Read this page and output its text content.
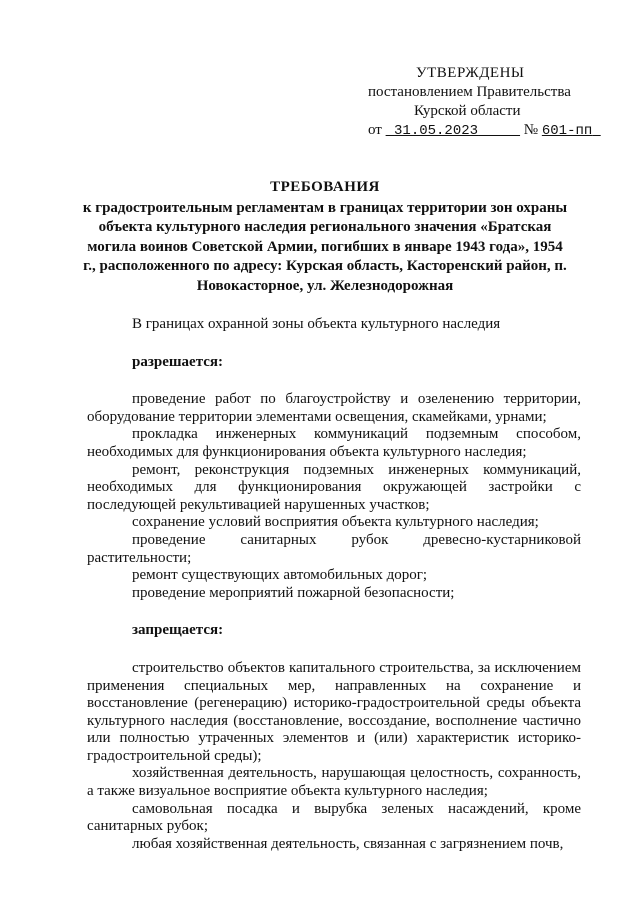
УТВЕРЖДЕНЫ
постановлением Правительства
Курской области
от 31.05.2023	№ 601-пп
ТРЕБОВАНИЯ
к градостроительным регламентам в границах территории зон охраны объекта культурного наследия регионального значения «Братская могила воинов Советской Армии, погибших в январе 1943 года», 1954 г., расположенного по адресу: Курская область, Касторенский район, п. Новокасторное, ул. Железнодорожная

В границах охранной зоны объекта культурного наследия

разрешается:

проведение работ по благоустройству и озеленению территории, оборудование территории элементами освещения, скамейками, урнами;

прокладка инженерных коммуникаций подземным способом, необходимых для функционирования объекта культурного наследия;

ремонт, реконструкция подземных инженерных коммуникаций, необходимых для функционирования окружающей застройки с последующей рекультивацией нарушенных участков;

сохранение условий восприятия объекта культурного наследия;

проведение санитарных рубок древесно-кустарниковой растительности;

ремонт существующих автомобильных дорог;

проведение мероприятий пожарной безопасности;

запрещается:

строительство объектов капитального строительства, за исключением применения специальных мер, направленных на сохранение и восстановление (регенерацию) историко-градостроительной среды объекта культурного наследия (восстановление, воссоздание, восполнение частично или полностью утраченных элементов и (или) характеристик историко-градостроительной среды);

хозяйственная деятельность, нарушающая целостность, сохранность, а также визуальное восприятие объекта культурного наследия;

самовольная посадка и вырубка зеленых насаждений, кроме санитарных рубок;

любая хозяйственная деятельность, связанная с загрязнением почв,
